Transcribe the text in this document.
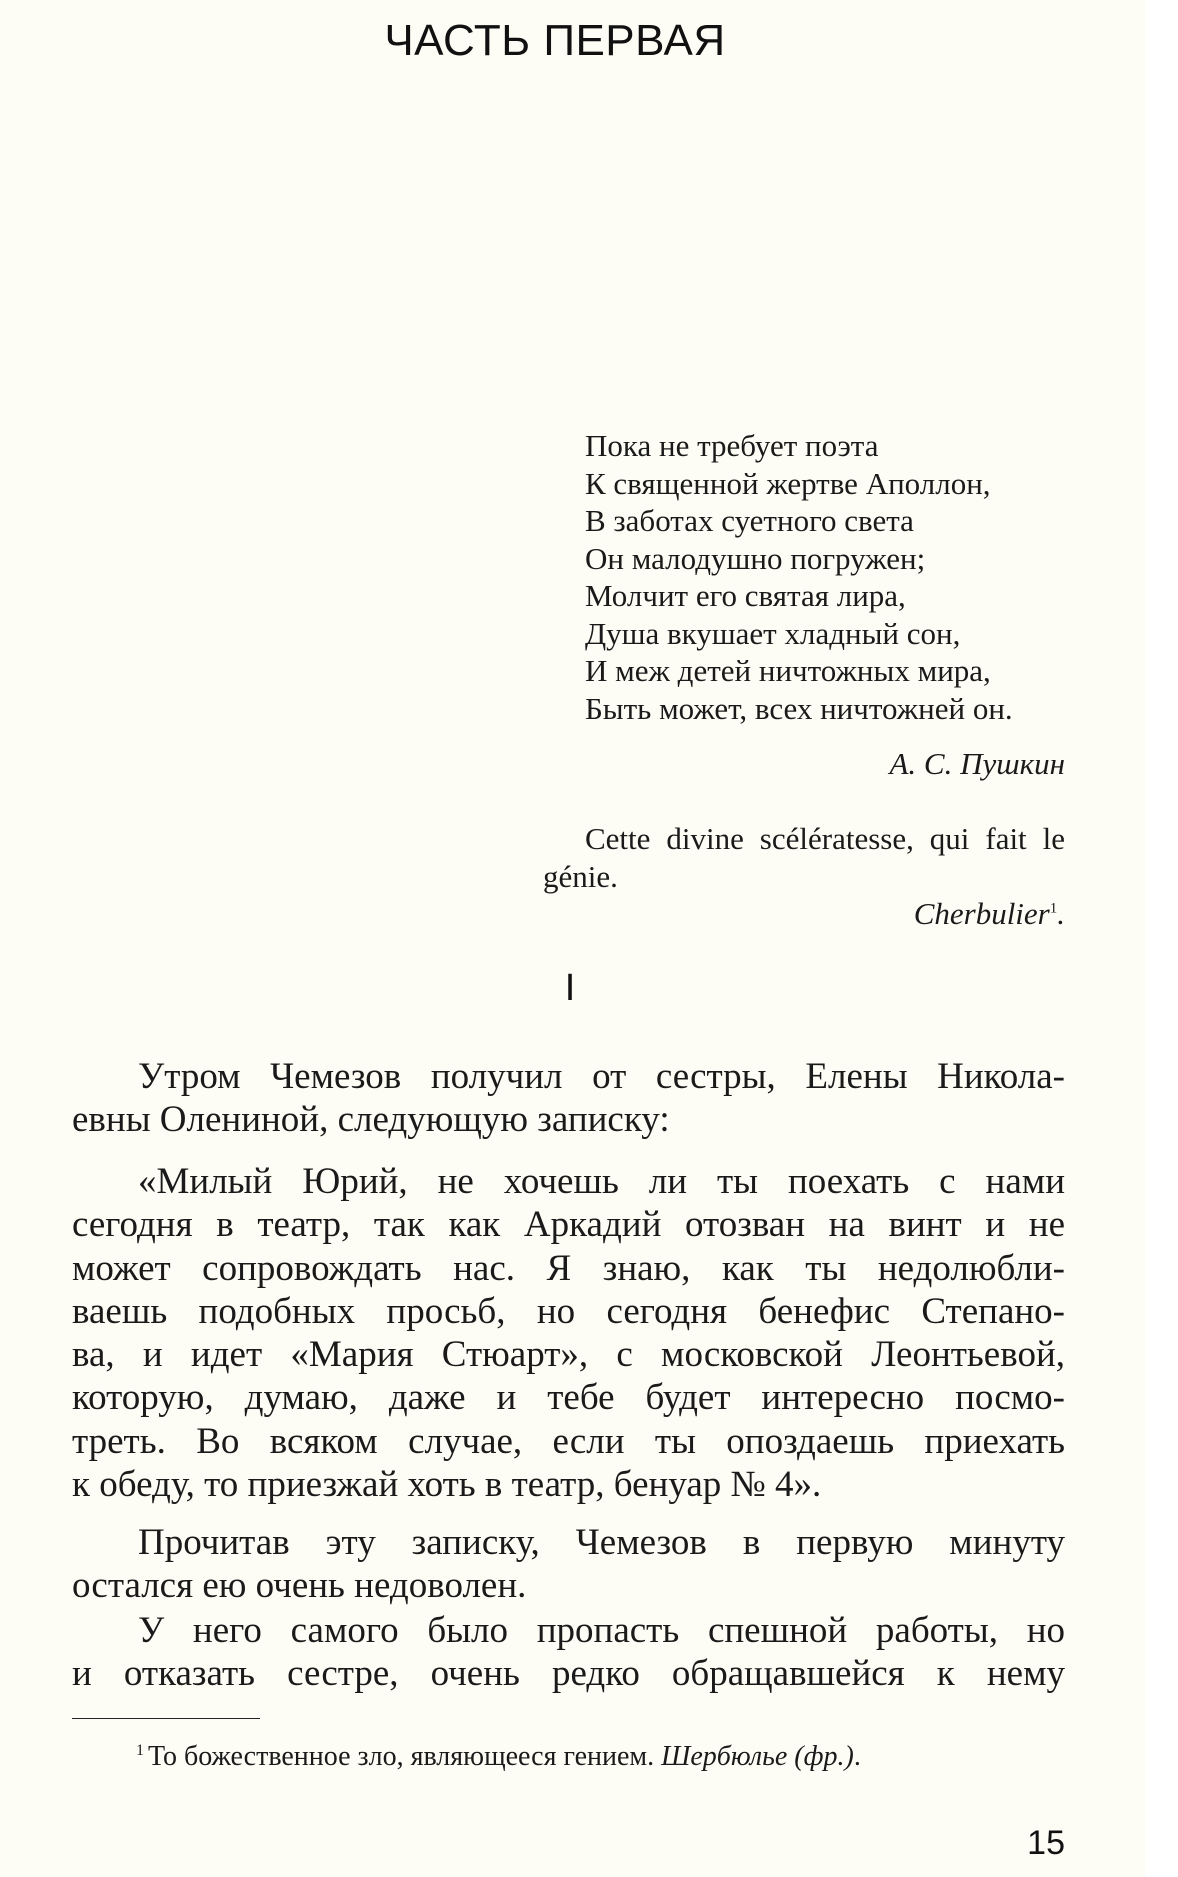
ЧАСТЬ ПЕРВАЯ
Пока не требует поэта
К священной жертве Аполлон,
В заботах суетного света
Он малодушно погружен;
Молчит его святая лира,
Душа вкушает хладный сон,
И меж детей ничтожных мира,
Быть может, всех ничтожней он.
А. С. Пушкин
Cette divine scélératesse, qui fait le génie.
Cherbulier$^1$.
I
Утром Чемезов получил от сестры, Елены Никола-
евны Олениной, следующую записку:
«Милый Юрий, не хочешь ли ты поехать с нами
сегодня в театр, так как Аркадий отозван на винт и не
может сопровождать нас. Я знаю, как ты недолюбли-
ваешь подобных просьб, но сегодня бенефис Степано-
ва, и идет «Мария Стюарт», с московской Леонтьевой,
которую, думаю, даже и тебе будет интересно посмо-
треть. Во всяком случае, если ты опоздаешь приехать
к обеду, то приезжай хоть в театр, бенуар № 4».
Прочитав эту записку, Чемезов в первую минуту
остался ею очень недоволен.
У него самого было пропасть спешной работы, но
и отказать сестре, очень редко обращавшейся к нему
$^1$ То божественное зло, являющееся гением. Шербюлье (фр.).
15
